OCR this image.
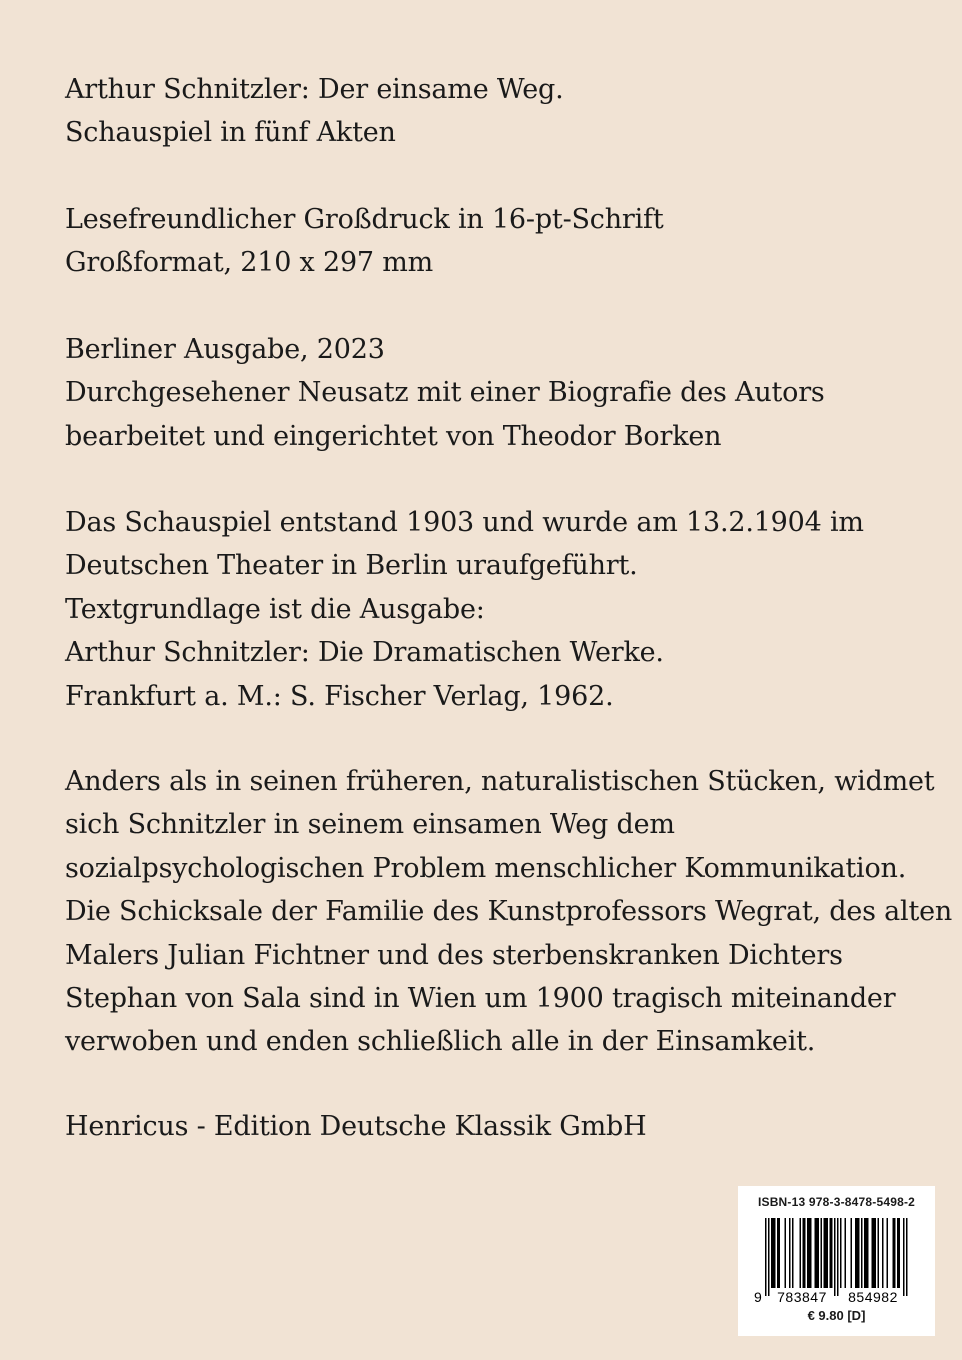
Arthur Schnitzler: Der einsame Weg.
Schauspiel in fünf Akten
Lesefreundlicher Großdruck in 16-pt-Schrift
Großformat, 210 x 297 mm
Berliner Ausgabe, 2023
Durchgesehener Neusatz mit einer Biografie des Autors
bearbeitet und eingerichtet von Theodor Borken
Das Schauspiel entstand 1903 und wurde am 13.2.1904 im
Deutschen Theater in Berlin uraufgeführt.
Textgrundlage ist die Ausgabe:
Arthur Schnitzler: Die Dramatischen Werke.
Frankfurt a. M.: S. Fischer Verlag, 1962.
Anders als in seinen früheren, naturalistischen Stücken, widmet
sich Schnitzler in seinem einsamen Weg dem
sozialpsychologischen Problem menschlicher Kommunikation.
Die Schicksale der Familie des Kunstprofessors Wegrat, des alten
Malers Julian Fichtner und des sterbenskranken Dichters
Stephan von Sala sind in Wien um 1900 tragisch miteinander
verwoben und enden schließlich alle in der Einsamkeit.
Henricus - Edition Deutsche Klassik GmbH
ISBN-13 978-3-8478-5498-2
9 783847 854982
€ 9.80 [D]
